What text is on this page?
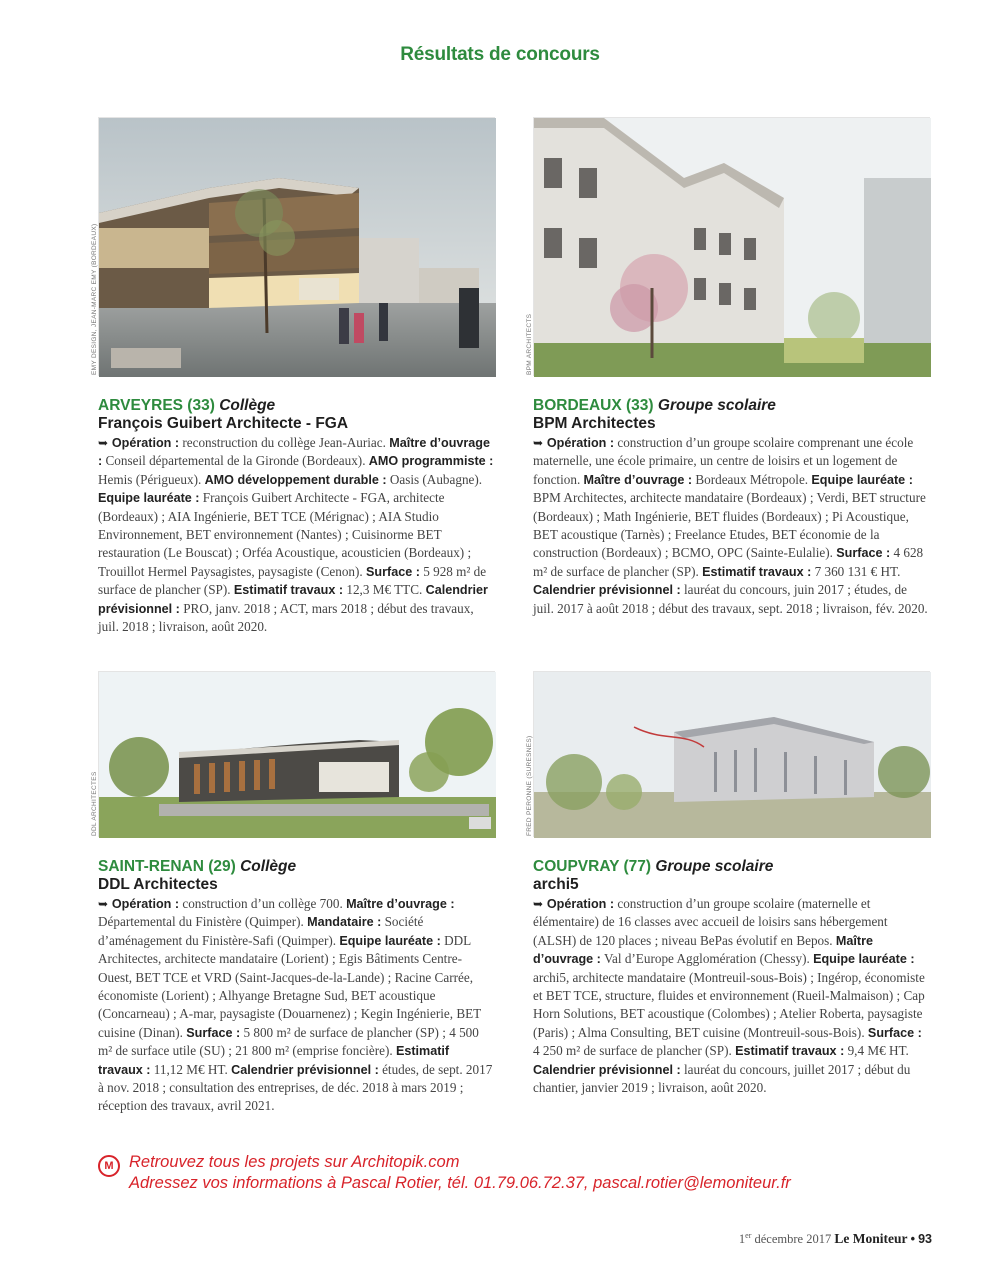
Résultats de concours
EMY DESIGN, JEAN-MARC EMY (BORDEAUX)
ARVEYRES (33) Collège
François Guibert Architecte - FGA
➥ Opération : reconstruction du collège Jean-Auriac. Maître d’ouvrage : Conseil départemental de la Gironde (Bordeaux). AMO programmiste : Hemis (Périgueux). AMO développement durable : Oasis (Aubagne). Equipe lauréate : François Guibert Architecte - FGA, architecte (Bordeaux) ; AIA Ingénierie, BET TCE (Mérignac) ; AIA Studio Environnement, BET environnement (Nantes) ; Cuisinorme BET restauration (Le Bouscat) ; Orféa Acoustique, acousticien (Bordeaux) ; Trouillot Hermel Paysagistes, paysagiste (Cenon). Surface : 5 928 m² de surface de plancher (SP). Estimatif travaux : 12,3 M€ TTC. Calendrier prévisionnel : PRO, janv. 2018 ; ACT, mars 2018 ; début des travaux, juil. 2018 ; livraison, août 2020.
BPM ARCHITECTS
BORDEAUX (33) Groupe scolaire
BPM Architectes
➥ Opération : construction d’un groupe scolaire comprenant une école maternelle, une école primaire, un centre de loisirs et un logement de fonction. Maître d’ouvrage : Bordeaux Métropole. Equipe lauréate : BPM Architectes, architecte mandataire (Bordeaux) ; Verdi, BET structure (Bordeaux) ; Math Ingénierie, BET fluides (Bordeaux) ; Pi Acoustique, BET acoustique (Tarnès) ; Freelance Etudes, BET économie de la construction (Bordeaux) ; BCMO, OPC (Sainte-Eulalie). Surface : 4 628 m² de surface de plancher (SP). Estimatif travaux : 7 360 131 € HT. Calendrier prévisionnel : lauréat du concours, juin 2017 ; études, de juil. 2017 à août 2018 ; début des travaux, sept. 2018 ; livraison, fév. 2020.
DDL ARCHITECTES
SAINT-RENAN (29) Collège
DDL Architectes
➥ Opération : construction d’un collège 700. Maître d’ouvrage : Départemental du Finistère (Quimper). Mandataire : Société d’aménagement du Finistère-Safi (Quimper). Equipe lauréate : DDL Architectes, architecte mandataire (Lorient) ; Egis Bâtiments Centre-Ouest, BET TCE et VRD (Saint-Jacques-de-la-Lande) ; Racine Carrée, économiste (Lorient) ; Alhyange Bretagne Sud, BET acoustique (Concarneau) ; A-mar, paysagiste (Douarnenez) ; Kegin Ingénierie, BET cuisine (Dinan). Surface : 5 800 m² de surface de plancher (SP) ; 4 500 m² de surface utile (SU) ; 21 800 m² (emprise foncière). Estimatif travaux : 11,12 M€ HT. Calendrier prévisionnel : études, de sept. 2017 à nov. 2018 ; consultation des entreprises, de déc. 2018 à mars 2019 ; réception des travaux, avril 2021.
FRED PERONNE (SURESNES)
COUPVRAY (77) Groupe scolaire
archi5
➥ Opération : construction d’un groupe scolaire (maternelle et élémentaire) de 16 classes avec accueil de loisirs sans hébergement (ALSH) de 120 places ; niveau BePas évolutif en Bepos. Maître d’ouvrage : Val d’Europe Agglomération (Chessy). Equipe lauréate : archi5, architecte mandataire (Montreuil-sous-Bois) ; Ingérop, économiste et BET TCE, structure, fluides et environnement (Rueil-Malmaison) ; Cap Horn Solutions, BET acoustique (Colombes) ; Atelier Roberta, paysagiste (Paris) ; Alma Consulting, BET cuisine (Montreuil-sous-Bois). Surface : 4 250 m² de surface de plancher (SP). Estimatif travaux : 9,4 M€ HT. Calendrier prévisionnel : lauréat du concours, juillet 2017 ; début du chantier, janvier 2019 ; livraison, août 2020.
M Retrouvez tous les projets sur Architopik.com
Adressez vos informations à Pascal Rotier, tél. 01.79.06.72.37, pascal.rotier@lemoniteur.fr
1er décembre 2017 Le Moniteur • 93
